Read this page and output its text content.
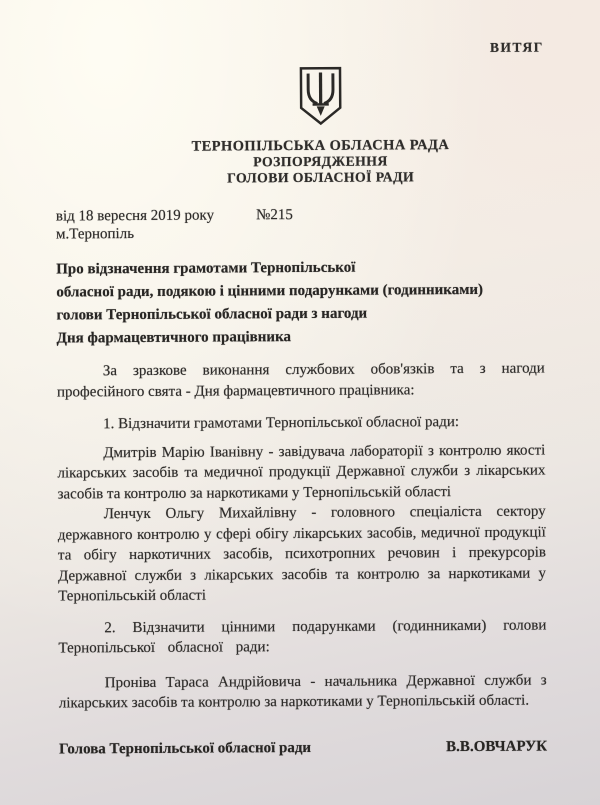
ВИТЯГ
ТЕРНОПІЛЬСЬКА ОБЛАСНА РАДА
РОЗПОРЯДЖЕННЯ
ГОЛОВИ ОБЛАСНОЇ РАДИ
від 18 вересня 2019 року	№215
м.Тернопіль
Про відзначення грамотами Тернопільської
обласної ради, подякою і цінними подарунками (годинниками)
голови Тернопільської обласної ради з нагоди
Дня фармацевтичного працівника

За зразкове виконання службових обов'язків та з нагоди професійного свята - Дня фармацевтичного працівника:

1. Відзначити грамотами Тернопільської обласної ради:

Дмитрів Марію Іванівну - завідувача лабораторії з контролю якості лікарських засобів та медичної продукції Державної служби з лікарських засобів та контролю за наркотиками у Тернопільській області

Ленчук Ольгу Михайлівну - головного спеціаліста сектору державного контролю у сфері обігу лікарських засобів, медичної продукції та обігу наркотичних засобів, психотропних речовин і прекурсорів Державної служби з лікарських засобів та контролю за наркотиками у Тернопільській області

2. Відзначити цінними подарунками (годинниками) голови Тернопільської обласної ради:

Проніва Тараса Андрійовича - начальника Державної служби з лікарських засобів та контролю за наркотиками у Тернопільській області.

Голова Тернопільської обласної ради	В.В.ОВЧАРУК
